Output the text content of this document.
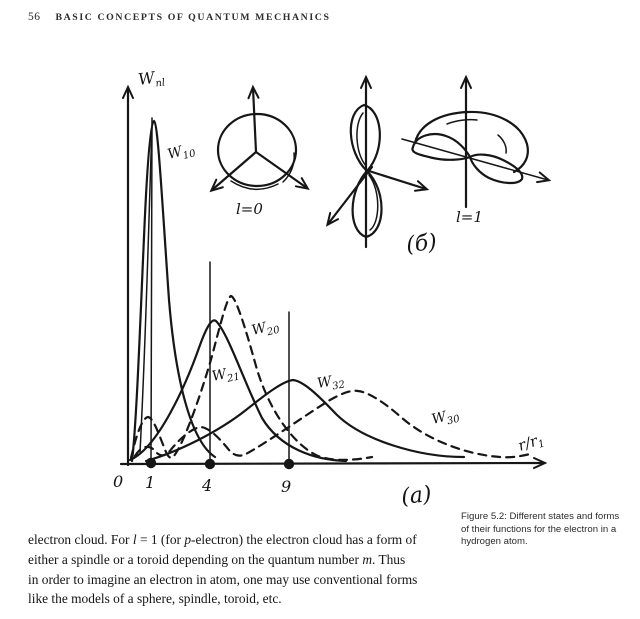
56 BASIC CONCEPTS OF QUANTUM MECHANICS
$W_{nl}$
$r/r_1$
0 1	4	9
$W_{10}$
$W_{21}$
$W_{20}$
$W_{32}$
$W_{30}$
(a)
l=0	l=1
(б)
Figure 5.2: Different states and forms
of their functions for the electron in a
hydrogen atom.
electron cloud. For l = 1 (for p-electron) the electron cloud has a form of
either a spindle or a toroid depending on the quantum number m. Thus
in order to imagine an electron in atom, one may use conventional forms
like the models of a sphere, spindle, toroid, etc.
